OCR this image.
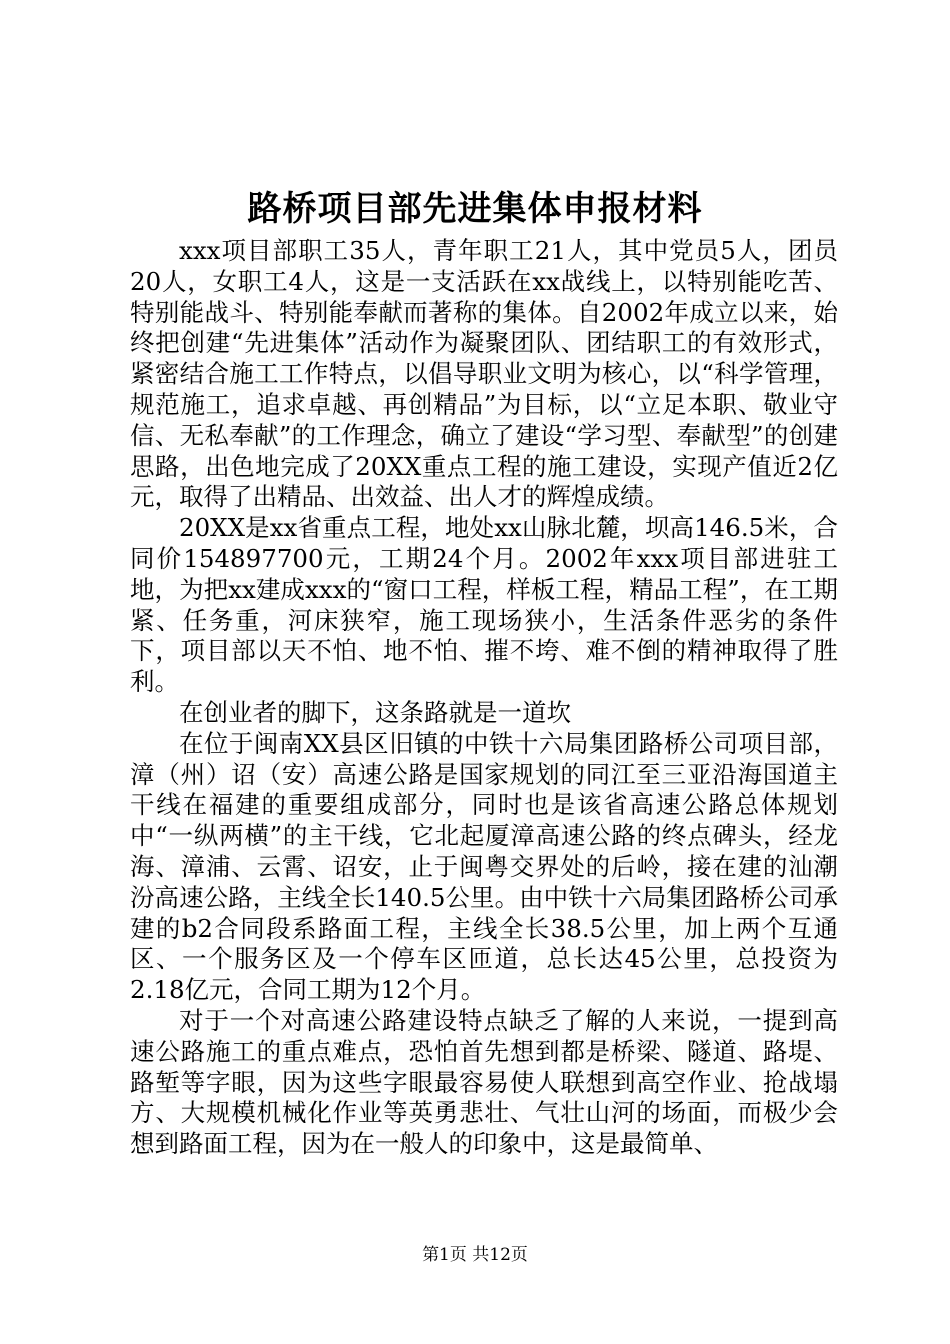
路桥项目部先进集体申报材料

xxx项目部职工35人，青年职工21人，其中党员5人，团员20人，女职工4人，这是一支活跃在xx战线上，以特别能吃苦、特别能战斗、特别能奉献而著称的集体。自2002年成立以来，始终把创建“先进集体”活动作为凝聚团队、团结职工的有效形式，紧密结合施工工作特点，以倡导职业文明为核心，以“科学管理，规范施工，追求卓越、再创精品”为目标，以“立足本职、敬业守信、无私奉献”的工作理念，确立了建设“学习型、奉献型”的创建思路，出色地完成了20XX重点工程的施工建设，实现产值近2亿元，取得了出精品、出效益、出人才的辉煌成绩。

20XX是xx省重点工程，地处xx山脉北麓，坝高146.5米，合同价154897700元，工期24个月。2002年xxx项目部进驻工地，为把xx建成xxx的“窗口工程，样板工程，精品工程”，在工期紧、任务重，河床狭窄，施工现场狭小，生活条件恶劣的条件下，项目部以天不怕、地不怕、摧不垮、难不倒的精神取得了胜利。

在创业者的脚下，这条路就是一道坎

在位于闽南XX县区旧镇的中铁十六局集团路桥公司项目部，漳（州）诏（安）高速公路是国家规划的同江至三亚沿海国道主干线在福建的重要组成部分，同时也是该省高速公路总体规划中“一纵两横”的主干线，它北起厦漳高速公路的终点碑头，经龙海、漳浦、云霄、诏安，止于闽粤交界处的后岭，接在建的汕潮汾高速公路，主线全长140.5公里。由中铁十六局集团路桥公司承建的b2合同段系路面工程，主线全长38.5公里，加上两个互通区、一个服务区及一个停车区匝道，总长达45公里，总投资为2.18亿元，合同工期为12个月。

对于一个对高速公路建设特点缺乏了解的人来说，一提到高速公路施工的重点难点，恐怕首先想到都是桥梁、隧道、路堤、路堑等字眼，因为这些字眼最容易使人联想到高空作业、抢战塌方、大规模机械化作业等英勇悲壮、气壮山河的场面，而极少会想到路面工程，因为在一般人的印象中，这是最简单、

第1页 共12页
